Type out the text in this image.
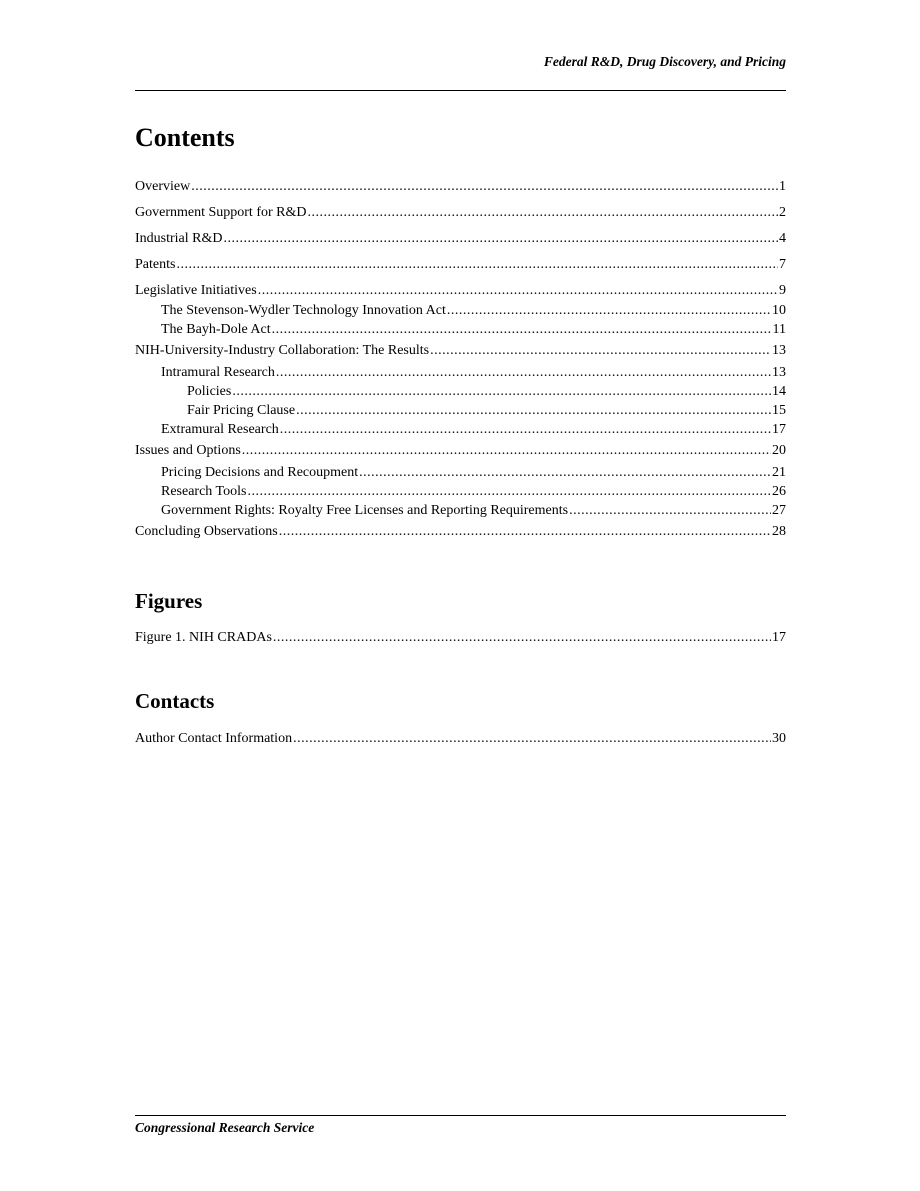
Federal R&D, Drug Discovery, and Pricing
Contents
Overview . . .	1
Government Support for R&D . . .	2
Industrial R&D . . .	4
Patents . . .	7
Legislative Initiatives . . .	9
The Stevenson-Wydler Technology Innovation Act . . .	10
The Bayh-Dole Act . . .	11
NIH-University-Industry Collaboration: The Results . . .	13
Intramural Research . . .	13
Policies . . .	14
Fair Pricing Clause . . .	15
Extramural Research . . .	17
Issues and Options . . .	20
Pricing Decisions and Recoupment . . .	21
Research Tools . . .	26
Government Rights: Royalty Free Licenses and Reporting Requirements . . .	27
Concluding Observations . . .	28
Figures
Figure 1. NIH CRADAs . . .	17
Contacts
Author Contact Information . . .	30
Congressional Research Service
